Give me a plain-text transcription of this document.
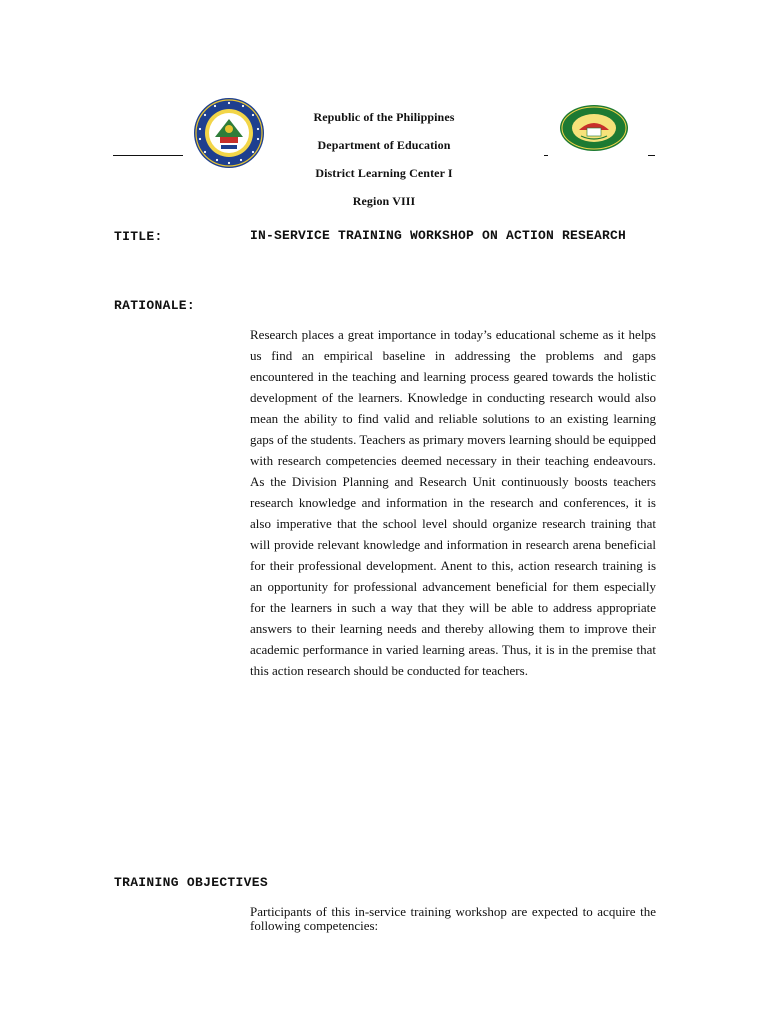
Republic of the Philippines
Department of Education
District Learning Center I
Region VIII
TITLE:	IN-SERVICE TRAINING WORKSHOP ON ACTION RESEARCH
RATIONALE:
Research places a great importance in today’s educational scheme as it helps us find an empirical baseline in addressing the problems and gaps encountered in the teaching and learning process geared towards the holistic development of the learners. Knowledge in conducting research would also mean the ability to find valid and reliable solutions to an existing learning gaps of the students. Teachers as primary movers learning should be equipped with research competencies deemed necessary in their teaching endeavours. As the Division Planning and Research Unit continuously boosts teachers research knowledge and information in the research and conferences, it is also imperative that the school level should organize research training that will provide relevant knowledge and information in research arena beneficial for their professional development. Anent to this, action research training is an opportunity for professional advancement beneficial for them especially for the learners in such a way that they will be able to address appropriate answers to their learning needs and thereby allowing them to improve their academic performance in varied learning areas. Thus, it is in the premise that this action research should be conducted for teachers.
TRAINING OBJECTIVES
Participants of this in-service training workshop are expected to acquire the following competencies:
